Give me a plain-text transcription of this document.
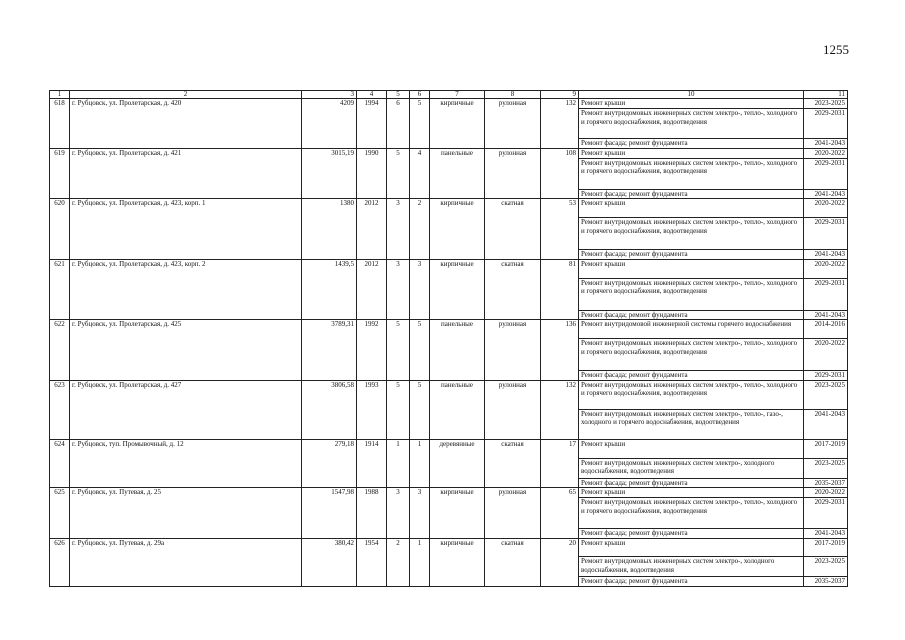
1255
1	2	3	4	5	6	7	8	9	10	11
618	г. Рубцовск, ул. Пролетарская, д. 420	4209	1994	6	5	кирпичные	рулонная	132	Ремонт крыши	2023-2025
									Ремонт внутридомовых инженерных систем электро-, тепло-, холодного и горячего водоснабжения, водоотведения	2029-2031
									Ремонт фасада; ремонт фундамента	2041-2043
619	г. Рубцовск, ул. Пролетарская, д. 421	3015,19	1990	5	4	панельные	рулонная	108	Ремонт крыши	2020-2022
									Ремонт внутридомовых инженерных систем электро-, тепло-, холодного и горячего водоснабжения, водоотведения	2029-2031
									Ремонт фасада; ремонт фундамента	2041-2043
620	г. Рубцовск, ул. Пролетарская, д. 423, корп. 1	1380	2012	3	2	кирпичные	скатная	53	Ремонт крыши	2020-2022
									Ремонт внутридомовых инженерных систем электро-, тепло-, холодного и горячего водоснабжения, водоотведения	2029-2031
									Ремонт фасада; ремонт фундамента	2041-2043
621	г. Рубцовск, ул. Пролетарская, д. 423, корп. 2	1439,5	2012	3	3	кирпичные	скатная	81	Ремонт крыши	2020-2022
									Ремонт внутридомовых инженерных систем электро-, тепло-, холодного и горячего водоснабжения, водоотведения	2029-2031
									Ремонт фасада; ремонт фундамента	2041-2043
622	г. Рубцовск, ул. Пролетарская, д. 425	3789,31	1992	5	5	панельные	рулонная	136	Ремонт внутридомовой инженерной системы горячего водоснабжения	2014-2016
									Ремонт внутридомовых инженерных систем электро-, тепло-, холодного и горячего водоснабжения, водоотведения	2020-2022
									Ремонт фасада; ремонт фундамента	2029-2031
623	г. Рубцовск, ул. Пролетарская, д. 427	3806,58	1993	5	5	панельные	рулонная	132	Ремонт внутридомовых инженерных систем электро-, тепло-, холодного и горячего водоснабжения, водоотведения	2023-2025
									Ремонт внутридомовых инженерных систем электро-, тепло-, газо-, холодного и горячего водоснабжения, водоотведения	2041-2043
624	г. Рубцовск, туп. Промывочный, д. 12	279,18	1914	1	1	деревянные	скатная	17	Ремонт крыши	2017-2019
									Ремонт внутридомовых инженерных систем электро-, холодного водоснабжения, водоотведения	2023-2025
									Ремонт фасада; ремонт фундамента	2035-2037
625	г. Рубцовск, ул. Путевая, д. 25	1547,98	1988	3	3	кирпичные	рулонная	65	Ремонт крыши	2020-2022
									Ремонт внутридомовых инженерных систем электро-, тепло-, холодного и горячего водоснабжения, водоотведения	2029-2031
									Ремонт фасада; ремонт фундамента	2041-2043
626	г. Рубцовск, ул. Путевая, д. 29а	380,42	1954	2	1	кирпичные	скатная	20	Ремонт крыши	2017-2019
									Ремонт внутридомовых инженерных систем электро-, холодного водоснабжения, водоотведения	2023-2025
									Ремонт фасада; ремонт фундамента	2035-2037
